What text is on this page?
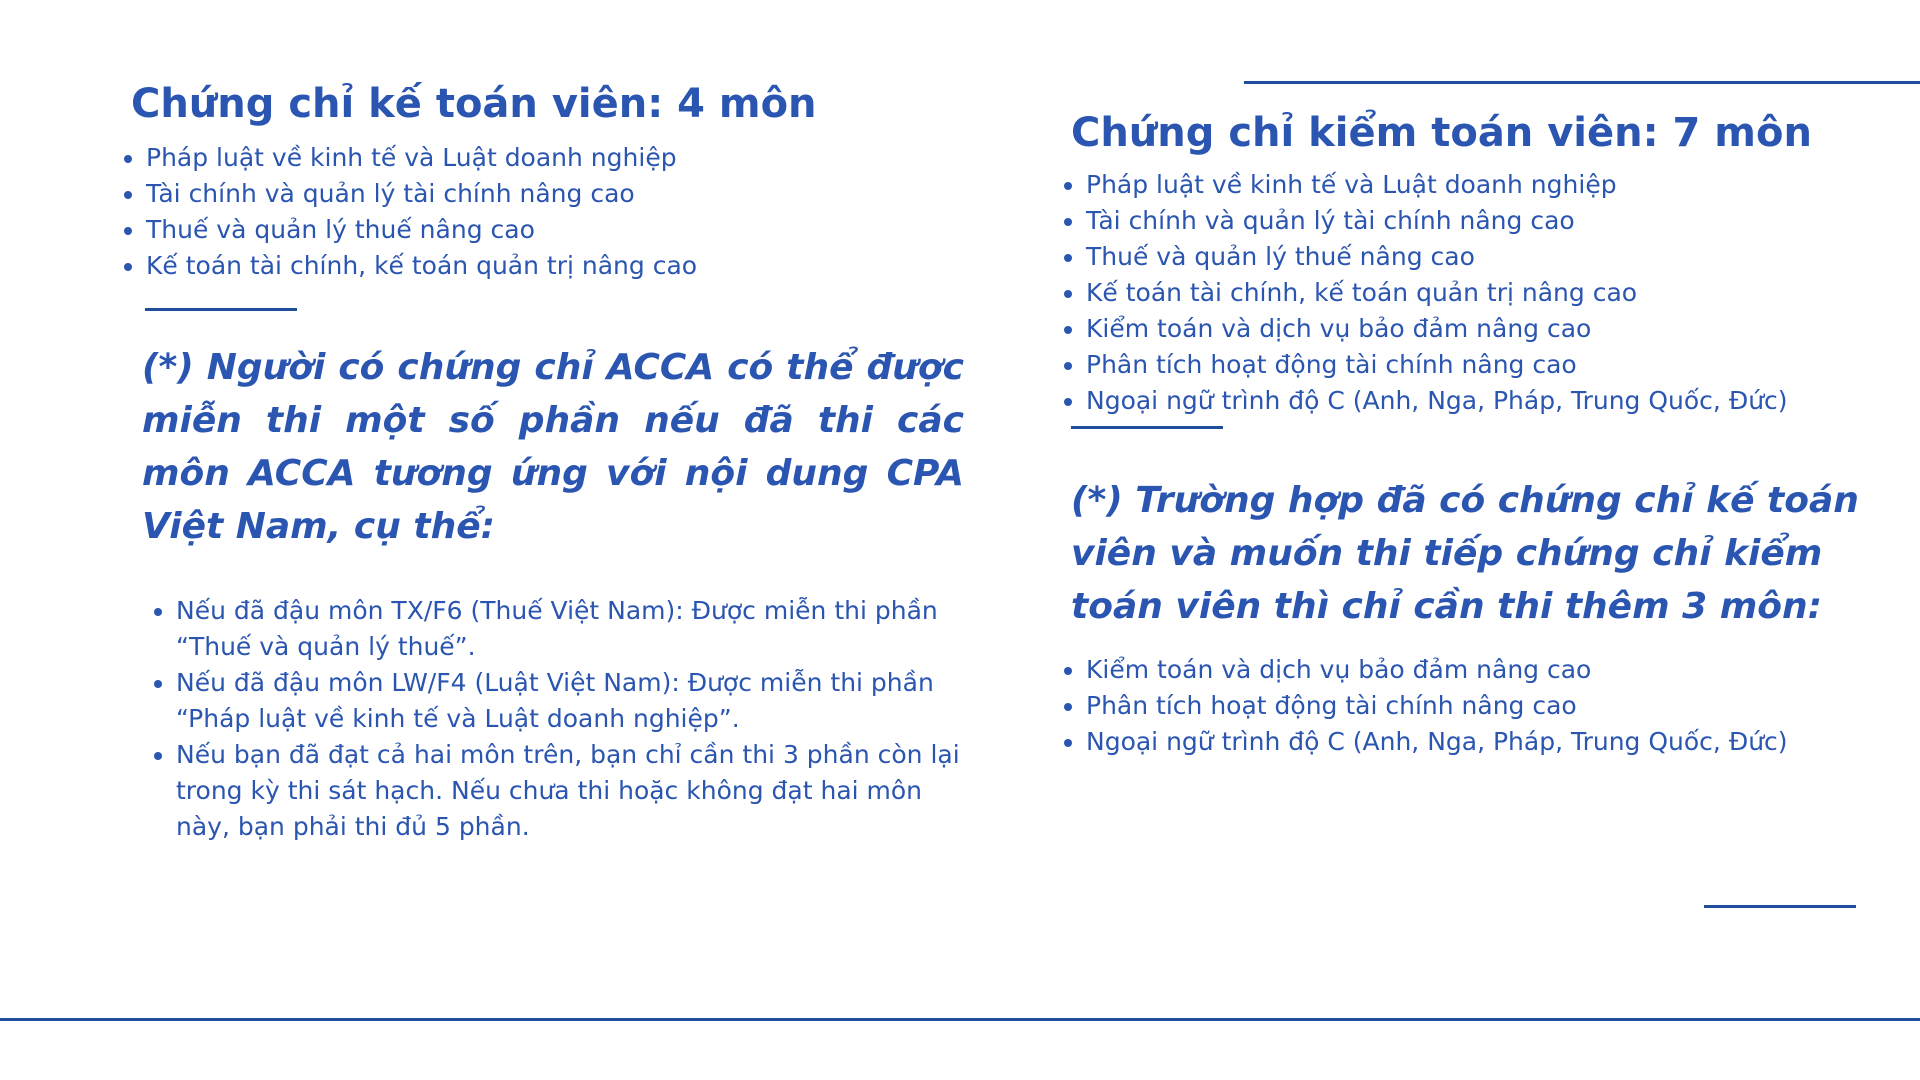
Chứng chỉ kế toán viên: 4 môn
• Pháp luật về kinh tế và Luật doanh nghiệp
• Tài chính và quản lý tài chính nâng cao
• Thuế và quản lý thuế nâng cao
• Kế toán tài chính, kế toán quản trị nâng cao

(*) Người có chứng chỉ ACCA có thể được miễn thi một số phần nếu đã thi các môn ACCA tương ứng với nội dung CPA Việt Nam, cụ thể:

• Nếu đã đậu môn TX/F6 (Thuế Việt Nam): Được miễn thi phần “Thuế và quản lý thuế”.
• Nếu đã đậu môn LW/F4 (Luật Việt Nam): Được miễn thi phần “Pháp luật về kinh tế và Luật doanh nghiệp”.
• Nếu bạn đã đạt cả hai môn trên, bạn chỉ cần thi 3 phần còn lại trong kỳ thi sát hạch. Nếu chưa thi hoặc không đạt hai môn này, bạn phải thi đủ 5 phần.
Chứng chỉ kiểm toán viên: 7 môn
• Pháp luật về kinh tế và Luật doanh nghiệp
• Tài chính và quản lý tài chính nâng cao
• Thuế và quản lý thuế nâng cao
• Kế toán tài chính, kế toán quản trị nâng cao
• Kiểm toán và dịch vụ bảo đảm nâng cao
• Phân tích hoạt động tài chính nâng cao
• Ngoại ngữ trình độ C (Anh, Nga, Pháp, Trung Quốc, Đức)

(*) Trường hợp đã có chứng chỉ kế toán viên và muốn thi tiếp chứng chỉ kiểm toán viên thì chỉ cần thi thêm 3 môn:

• Kiểm toán và dịch vụ bảo đảm nâng cao
• Phân tích hoạt động tài chính nâng cao
• Ngoại ngữ trình độ C (Anh, Nga, Pháp, Trung Quốc, Đức)
